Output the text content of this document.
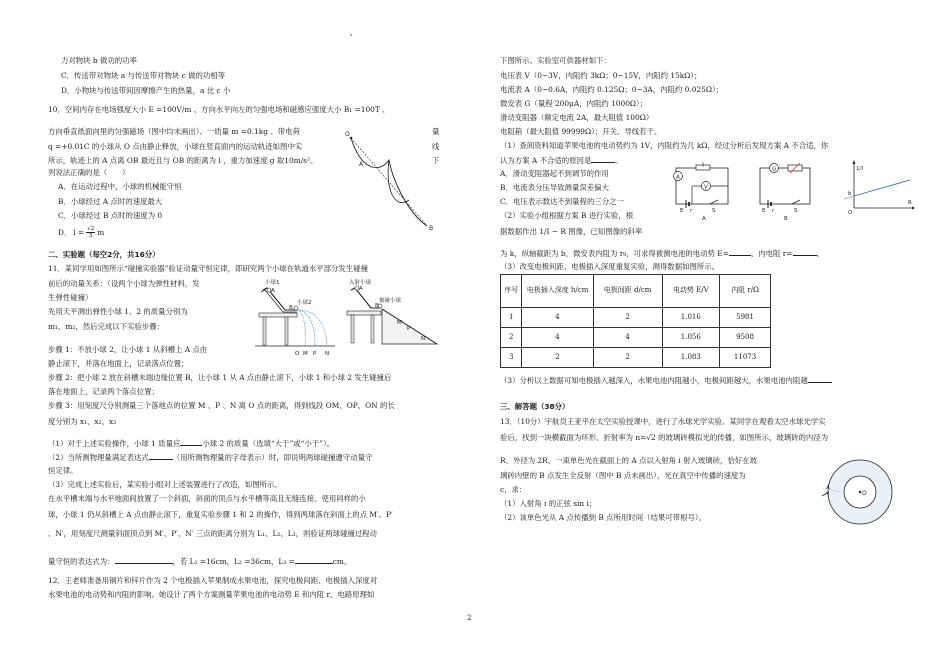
力对物块 b 做功的功率
C．传送带对物块 a 与传送带对物块 c 做的功相等
D．小物块与传送带间因摩擦产生的热量，a 比 c 小
10．空间内存在电场强度大小 E =100V/m 、方向水平向左的匀强电场和磁感应强度大小 B₁ =100T 、
方向垂直纸面向里的匀强磁场（图中均未画出）。一质量 m =0.1kg 、带电荷	量
q =+0.01C 的小球从 O 点由静止释放，小球在竖直面内的运动轨迹如图中实	线
所示，轨迹上的 A 点离 OB 最近且与 OB 的距离为 l ，重力加速度 g 取10m/s²。	下
列说法正确的是（　　）
A．在运动过程中，小球的机械能守恒
B．小球经过 A 点时的速度最大
C．小球经过 B 点时的速度为 0
D． $l = \frac{√2}{5}$ m
二、实验题（每空2分，共16分）
11．某同学用如图所示“碰撞实验器”验证动量守恒定律，即研究两个小球在轨道水平部分发生碰撞
前后的动量关系：（设两个小球为弹性材料，发
生弹性碰撞）
先用天平测出弹性小球 1、2 的质量分别为
m₁、m₂，然后完成以下实验步骤：
步骤 1：不放小球 2，让小球 1 从斜槽上 A 点由
静止滚下，并落在地面上，记录落点位置；
步骤 2：把小球 2 放在斜槽末端边缘位置 B，让小球 1 从 A 点由静止滚下，小球 1 和小球 2 发生碰撞后
落在地面上，记录两个落点位置；
步骤 3：用刻度尺分别测量三个落地点的位置 M 、P 、N 离 O 点的距离，得到线段 OM、OP、ON 的长
度分别为 x₁、x₂、x₃
（1）对于上述实验操作，小球 1 质量应	小球 2 的质量（选填“大于”或“小于”）。
（2）当所测物理量满足表达式	（用所测物理量的字母表示）时，即说明两球碰撞遵守动量守
恒定律。
（3）完成上述实验后，某实验小组对上述装置进行了改造，如图所示。
在水平槽末端与水平地面间放置了一个斜面，斜面的顶点与水平槽等高且无缝连接。使用同样的小
球，小球 1 仍从斜槽上 A 点由静止滚下，重复实验步骤 1 和 2 的操作，得到两球落在斜面上的点 M′、P′
、N′，用刻度尺测量斜面顶点到 M′、P′、N′ 三点的距离分别为 L₁、L₂、L₃，则验证两球碰撞过程动
量守恒的表达式为：	，若 L₁ =16cm，L₂ =36cm，L₃ =	cm。
12．王老师准备用铜片和锌片作为 2 个电极插入苹果制成水果电池，探究电极间距、电极插入深度对
水果电池的电动势和内阻的影响。她设计了两个方案测量苹果电池的电动势 E 和内阻 r，电路原理如
O
A
B
小球1
小球2
A
B
O M P N
入射小球
被碰小球
A
B
M′
P′
N′
下图所示。实验室可供器材如下：
电压表 V（0~3V，内阻约 3kΩ；0~15V，内阻约 15kΩ）；
电流表 A（0~0.6A，内阻约 0.125Ω；0~3A，内阻约 0.025Ω）；
微安表 G（量程 200μA，内阻约 1000Ω）；
滑动变阻器（额定电流 2A，最大阻值 100Ω）
电阻箱（最大阻值 99999Ω）；开关、导线若干。
（1）查阅资料知道苹果电池的电动势约为 1V，内阻约为几 kΩ，经过分析后发现方案 A 不合适，你
认为方案 A 不合适的原因是	。
A．滑动变阻器起不到调节的作用
B．电流表分压导致测量误差偏大
C．电压表示数达不到量程的三分之一
（2）实验小组根据方案 B 进行实验，根
据数据作出 1/I − R 图像，已知图像的斜率
为 k，纵轴截距为 b，微安表内阻为 r₉，可求得被测电池的电动势 E=	，内电阻 r=	。
（3）改变电极间距、电极插入深度重复实验，测得数据如图所示。
序号	电极插入深度 h/cm	电极间距 d/cm	电动势 E/V	内阻 r/Ω
1	4	2	1.016	5981
2	4	4	1.056	9508
3	2	2	1.083	11073
（3）分析以上数据可知电极插入越深入，水果电池内阻越小，电极间距越大，水果电池内阻越
三、解答题（38分）
13．（10分）宇航员王亚平在太空实验授课中，进行了水球光学实验。某同学在观看太空水球光学实
验后，找到一块横截面为环形、折射率为 n=√2 的玻璃砖模拟光的传播，如图所示，玻璃砖的内径为
R、外径为 2R。一束单色光在截面上的 A 点以入射角 i 射入玻璃砖，恰好在玻
璃砖内壁的 B 点发生全反射（图中 B 点未画出），光在真空中传播的速度为
c，求：
（1）入射角 i 的正弦 sin i；
（2）该单色光从 A 点传播到 B 点所用时间（结果可带根号）。
A
V
E r	S
A
G
E r	S
B
1/I
b
O
R
O
A
2
